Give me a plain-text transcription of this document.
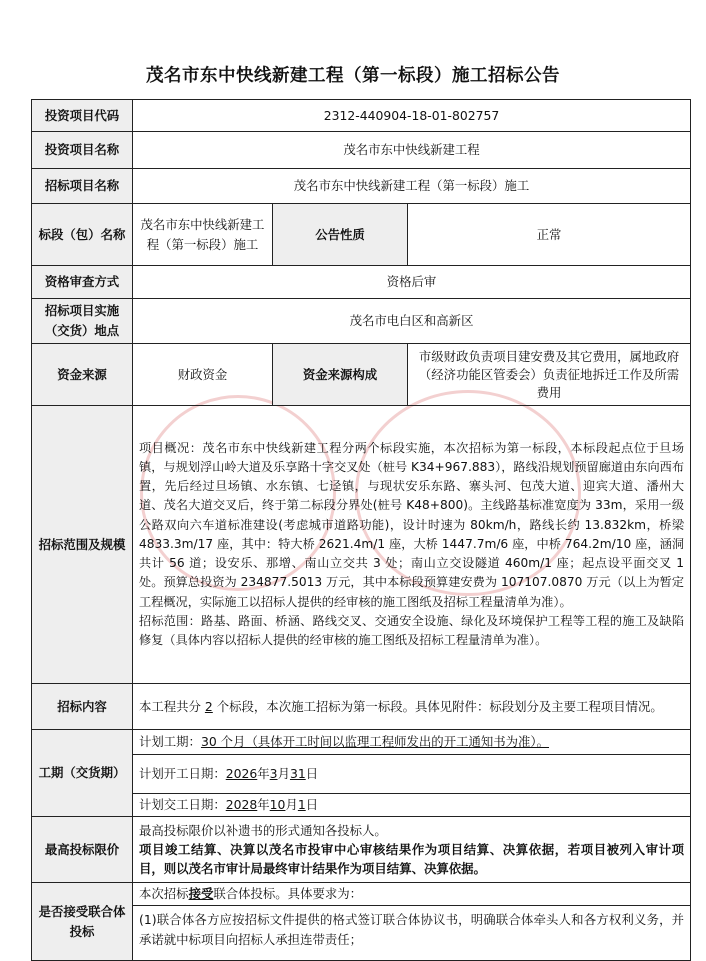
茂名市东中快线新建工程（第一标段）施工招标公告
投资项目代码	2312-440904-18-01-802757		
投资项目名称	茂名市东中快线新建工程		
招标项目名称	茂名市东中快线新建工程（第一标段）施工		
标段（包）名称	茂名市东中快线新建工程（第一标段）施工	公告性质	正常
资格审查方式	资格后审		
招标项目实施（交货）地点	茂名市电白区和高新区		
资金来源	财政资金	资金来源构成	市级财政负责项目建安费及其它费用，属地政府（经济功能区管委会）负责征地拆迁工作及所需费用
招标范围及规模	项目概况：茂名市东中快线新建工程分两个标段实施，本次招标为第一标段，本标段起点位于旦场镇，与规划浮山岭大道及乐享路十字交叉处（桩号 K34+967.883），路线沿规划预留廊道由东向西布置，先后经过旦场镇、水东镇、七迳镇，与现状安乐东路、寨头河、包茂大道、迎宾大道、潘州大道、茂名大道交叉后，终于第二标段分界处(桩号 K48+800)。主线路基标准宽度为 33m，采用一级公路双向六车道标准建设(考虑城市道路功能)，设计时速为 80km/h，路线长约 13.832km，桥梁 4833.3m/17 座，其中：特大桥 2621.4m/1 座，大桥 1447.7m/6 座，中桥 764.2m/10 座，涵洞共计 56 道；设安乐、那增、南山立交共 3 处；南山立交设隧道 460m/1 座；起点设平面交叉 1 处。预算总投资为 234877.5013 万元，其中本标段预算建安费为 107107.0870 万元（以上为暂定工程概况，实际施工以招标人提供的经审核的施工图纸及招标工程量清单为准）。

招标范围：路基、路面、桥涵、路线交叉、交通安全设施、绿化及环境保护工程等工程的施工及缺陷修复（具体内容以招标人提供的经审核的施工图纸及招标工程量清单为准）。		

招标内容	本工程共分 2 个标段，本次施工招标为第一标段。具体见附件：标段划分及主要工程项目情况。		
工期（交货期）	计划工期：30 个月（具体开工时间以监理工程师发出的开工通知书为准）。
计划开工日期：2026年3月31日
计划交工日期：2028年10月1日		

最高投标限价	最高投标限价以补遗书的形式通知各投标人。

项目竣工结算、决算以茂名市投审中心审核结果作为项目结算、决算依据，若项目被列入审计项目，则以茂名市审计局最终审计结果作为项目结算、决算依据。		

是否接受联合体投标	本次招标接受联合体投标。具体要求为：
(1)联合体各方应按招标文件提供的格式签订联合体协议书，明确联合体牵头人和各方权利义务，并承诺就中标项目向招标人承担连带责任；		
